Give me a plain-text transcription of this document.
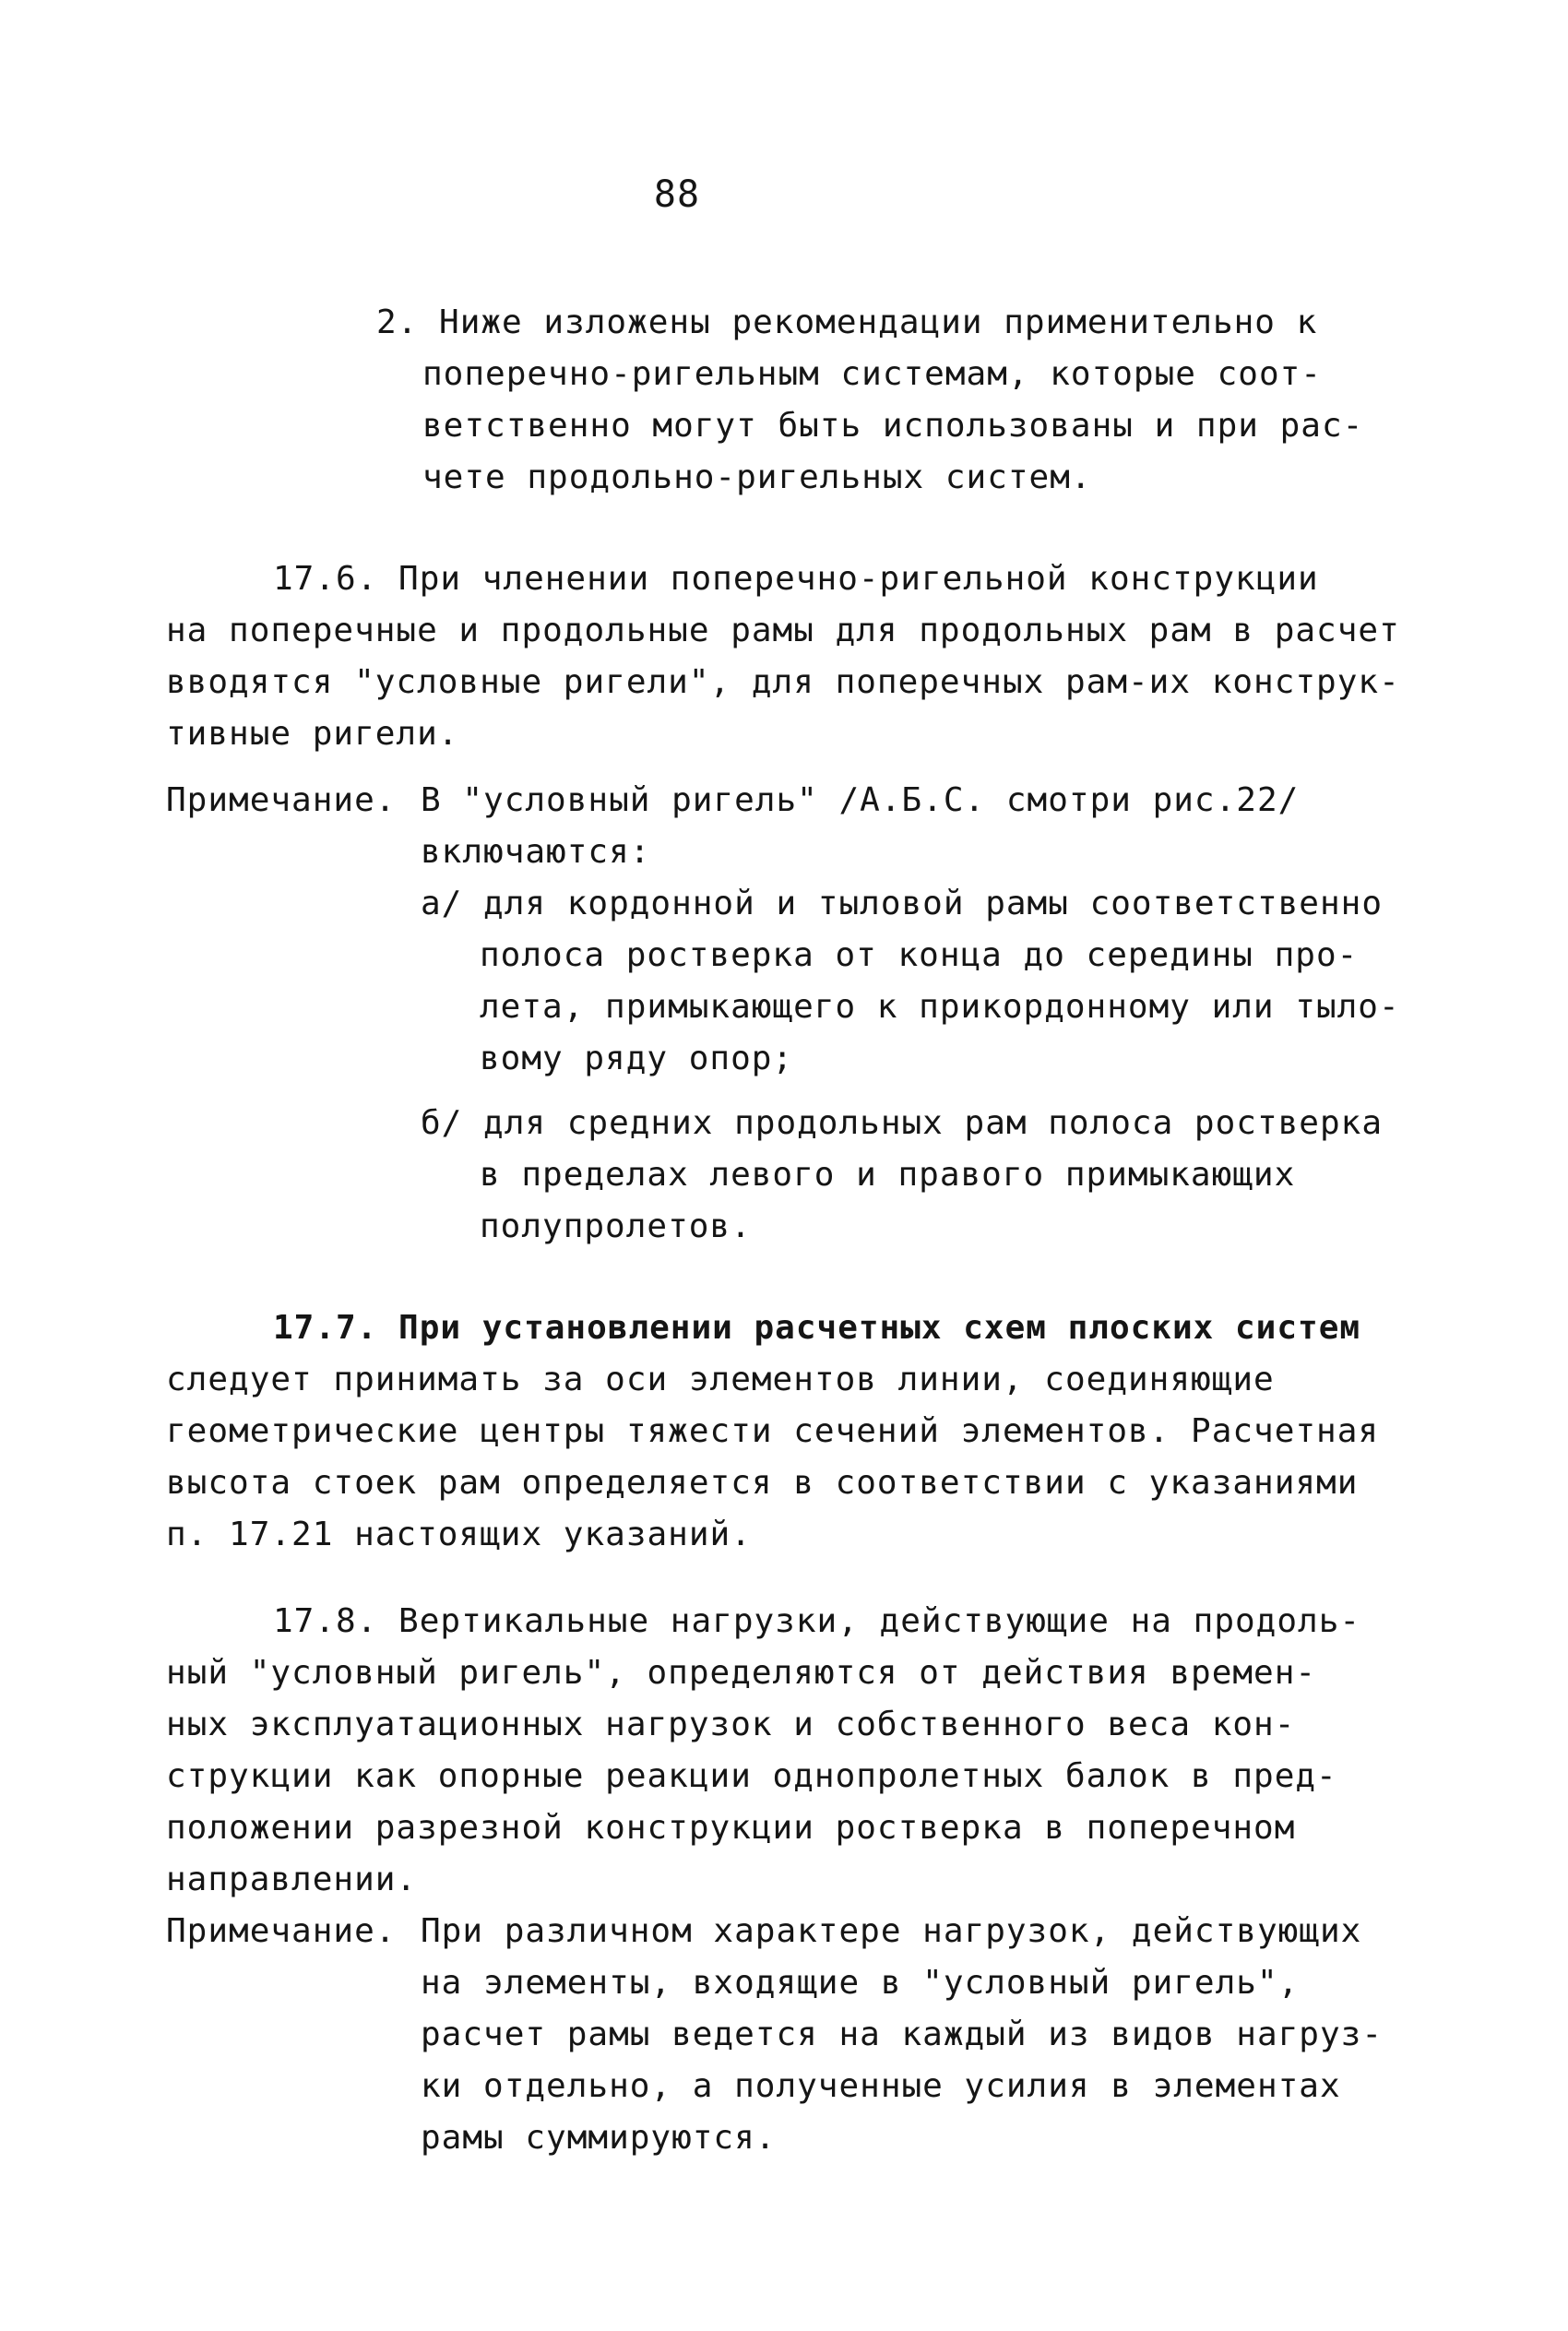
88
2. Ниже изложены рекомендации применительно к
поперечно-ригельным системам, которые соот-
ветственно могут быть использованы и при рас-
чете продольно-ригельных систем.
17.6. При членении поперечно-ригельной конструкции
на поперечные и продольные рамы для продольных рам в расчет
вводятся "условные ригели", для поперечных рам-их конструк-
тивные ригели.
Примечание. В "условный ригель" /А.Б.С. смотри рис.22/
включаются:
а/ для кордонной и тыловой рамы соответственно
полоса ростверка от конца до середины про-
лета, примыкающего к прикордонному или тыло-
вому ряду опор;
б/ для средних продольных рам полоса ростверка
в пределах левого и правого примыкающих
полупролетов.
17.7. При установлении расчетных схем плоских систем
следует принимать за оси элементов линии, соединяющие
геометрические центры тяжести сечений элементов. Расчетная
высота стоек рам определяется в соответствии с указаниями
п. 17.21 настоящих указаний.
17.8. Вертикальные нагрузки, действующие на продоль-
ный "условный ригель", определяются от действия времен-
ных эксплуатационных нагрузок и собственного веса кон-
струкции как опорные реакции однопролетных балок в пред-
положении разрезной конструкции ростверка в поперечном
направлении.
Примечание. При различном характере нагрузок, действующих
на элементы, входящие в "условный ригель",
расчет рамы ведется на каждый из видов нагруз-
ки отдельно, а полученные усилия в элементах
рамы суммируются.
